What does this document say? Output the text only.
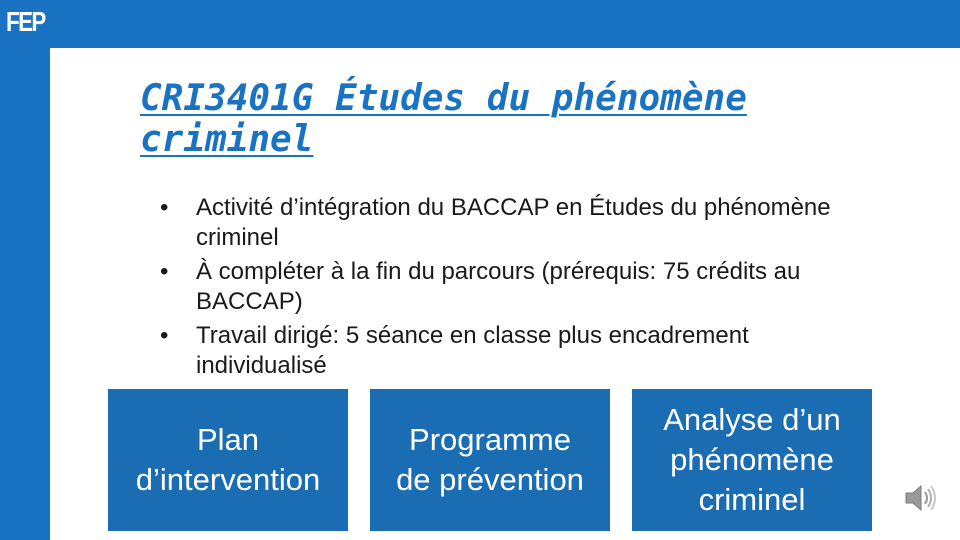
FEP
CRI3401G Études du phénomène
criminel
•	Activité d’intégration du BACCAP en Études du phénomène criminel
•	À compléter à la fin du parcours (prérequis: 75 crédits au BACCAP)
•	Travail dirigé: 5 séance en classe plus encadrement individualisé
Plan
d’intervention
Programme
de prévention
Analyse d’un
phénomène
criminel
